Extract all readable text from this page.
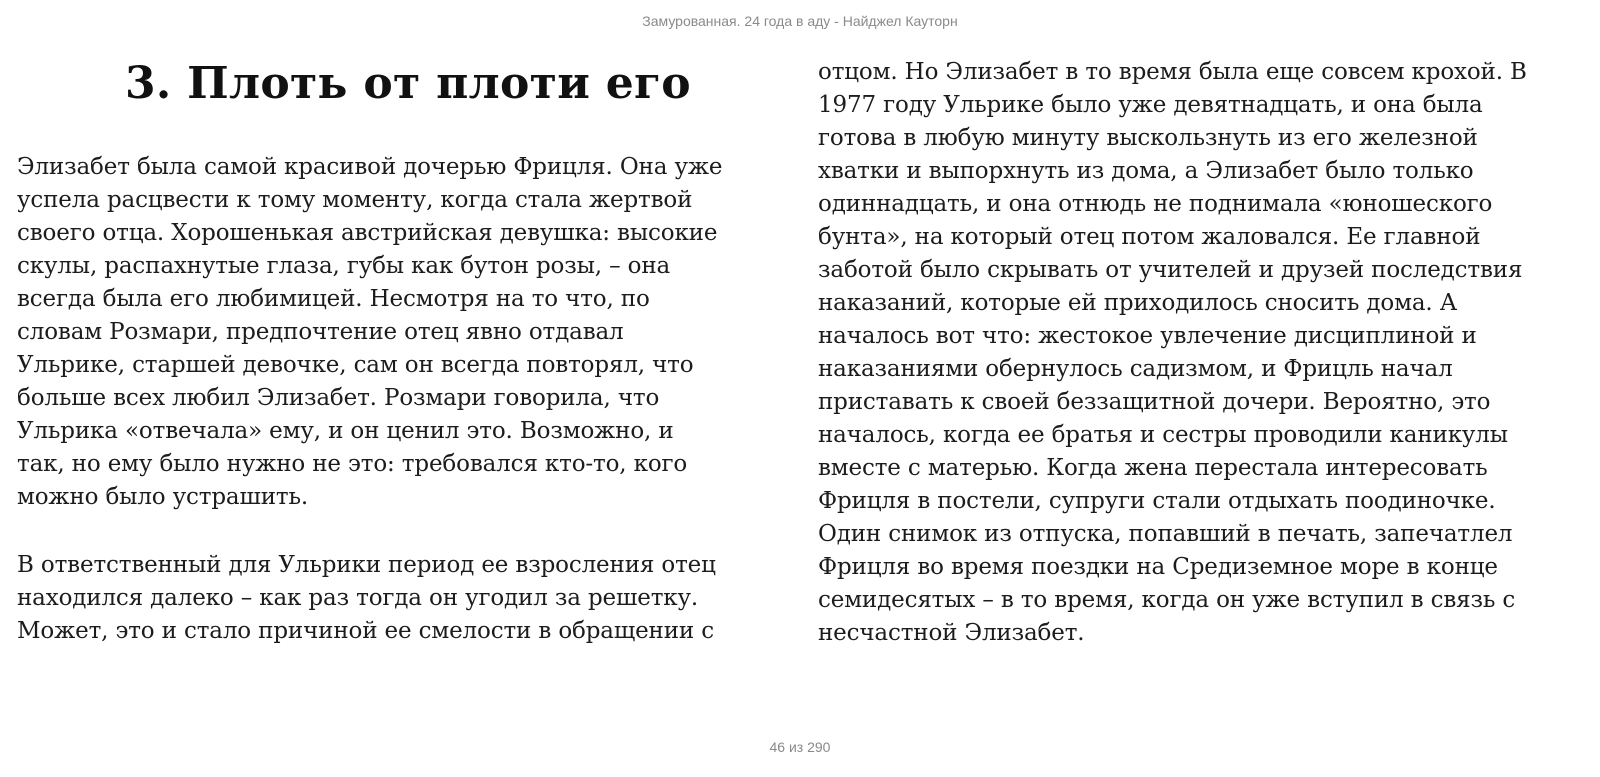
Замурованная. 24 года в аду - Найджел Кауторн
3. Плоть от плоти его
Элизабет была самой красивой дочерью Фрицля. Она уже
успела расцвести к тому моменту, когда стала жертвой
своего отца. Хорошенькая австрийская девушка: высокие
скулы, распахнутые глаза, губы как бутон розы, – она
всегда была его любимицей. Несмотря на то что, по
словам Розмари, предпочтение отец явно отдавал
Ульрике, старшей девочке, сам он всегда повторял, что
больше всех любил Элизабет. Розмари говорила, что
Ульрика «отвечала» ему, и он ценил это. Возможно, и
так, но ему было нужно не это: требовался кто-то, кого
можно было устрашить.
В ответственный для Ульрики период ее взросления отец
находился далеко – как раз тогда он угодил за решетку.
Может, это и стало причиной ее смелости в обращении с
отцом. Но Элизабет в то время была еще совсем крохой. В
1977 году Ульрике было уже девятнадцать, и она была
готова в любую минуту выскользнуть из его железной
хватки и выпорхнуть из дома, а Элизабет было только
одиннадцать, и она отнюдь не поднимала «юношеского
бунта», на который отец потом жаловался. Ее главной
заботой было скрывать от учителей и друзей последствия
наказаний, которые ей приходилось сносить дома. А
началось вот что: жестокое увлечение дисциплиной и
наказаниями обернулось садизмом, и Фрицль начал
приставать к своей беззащитной дочери. Вероятно, это
началось, когда ее братья и сестры проводили каникулы
вместе с матерью. Когда жена перестала интересовать
Фрицля в постели, супруги стали отдыхать поодиночке.
Один снимок из отпуска, попавший в печать, запечатлел
Фрицля во время поездки на Средиземное море в конце
семидесятых – в то время, когда он уже вступил в связь с
несчастной Элизабет.
46 из 290
